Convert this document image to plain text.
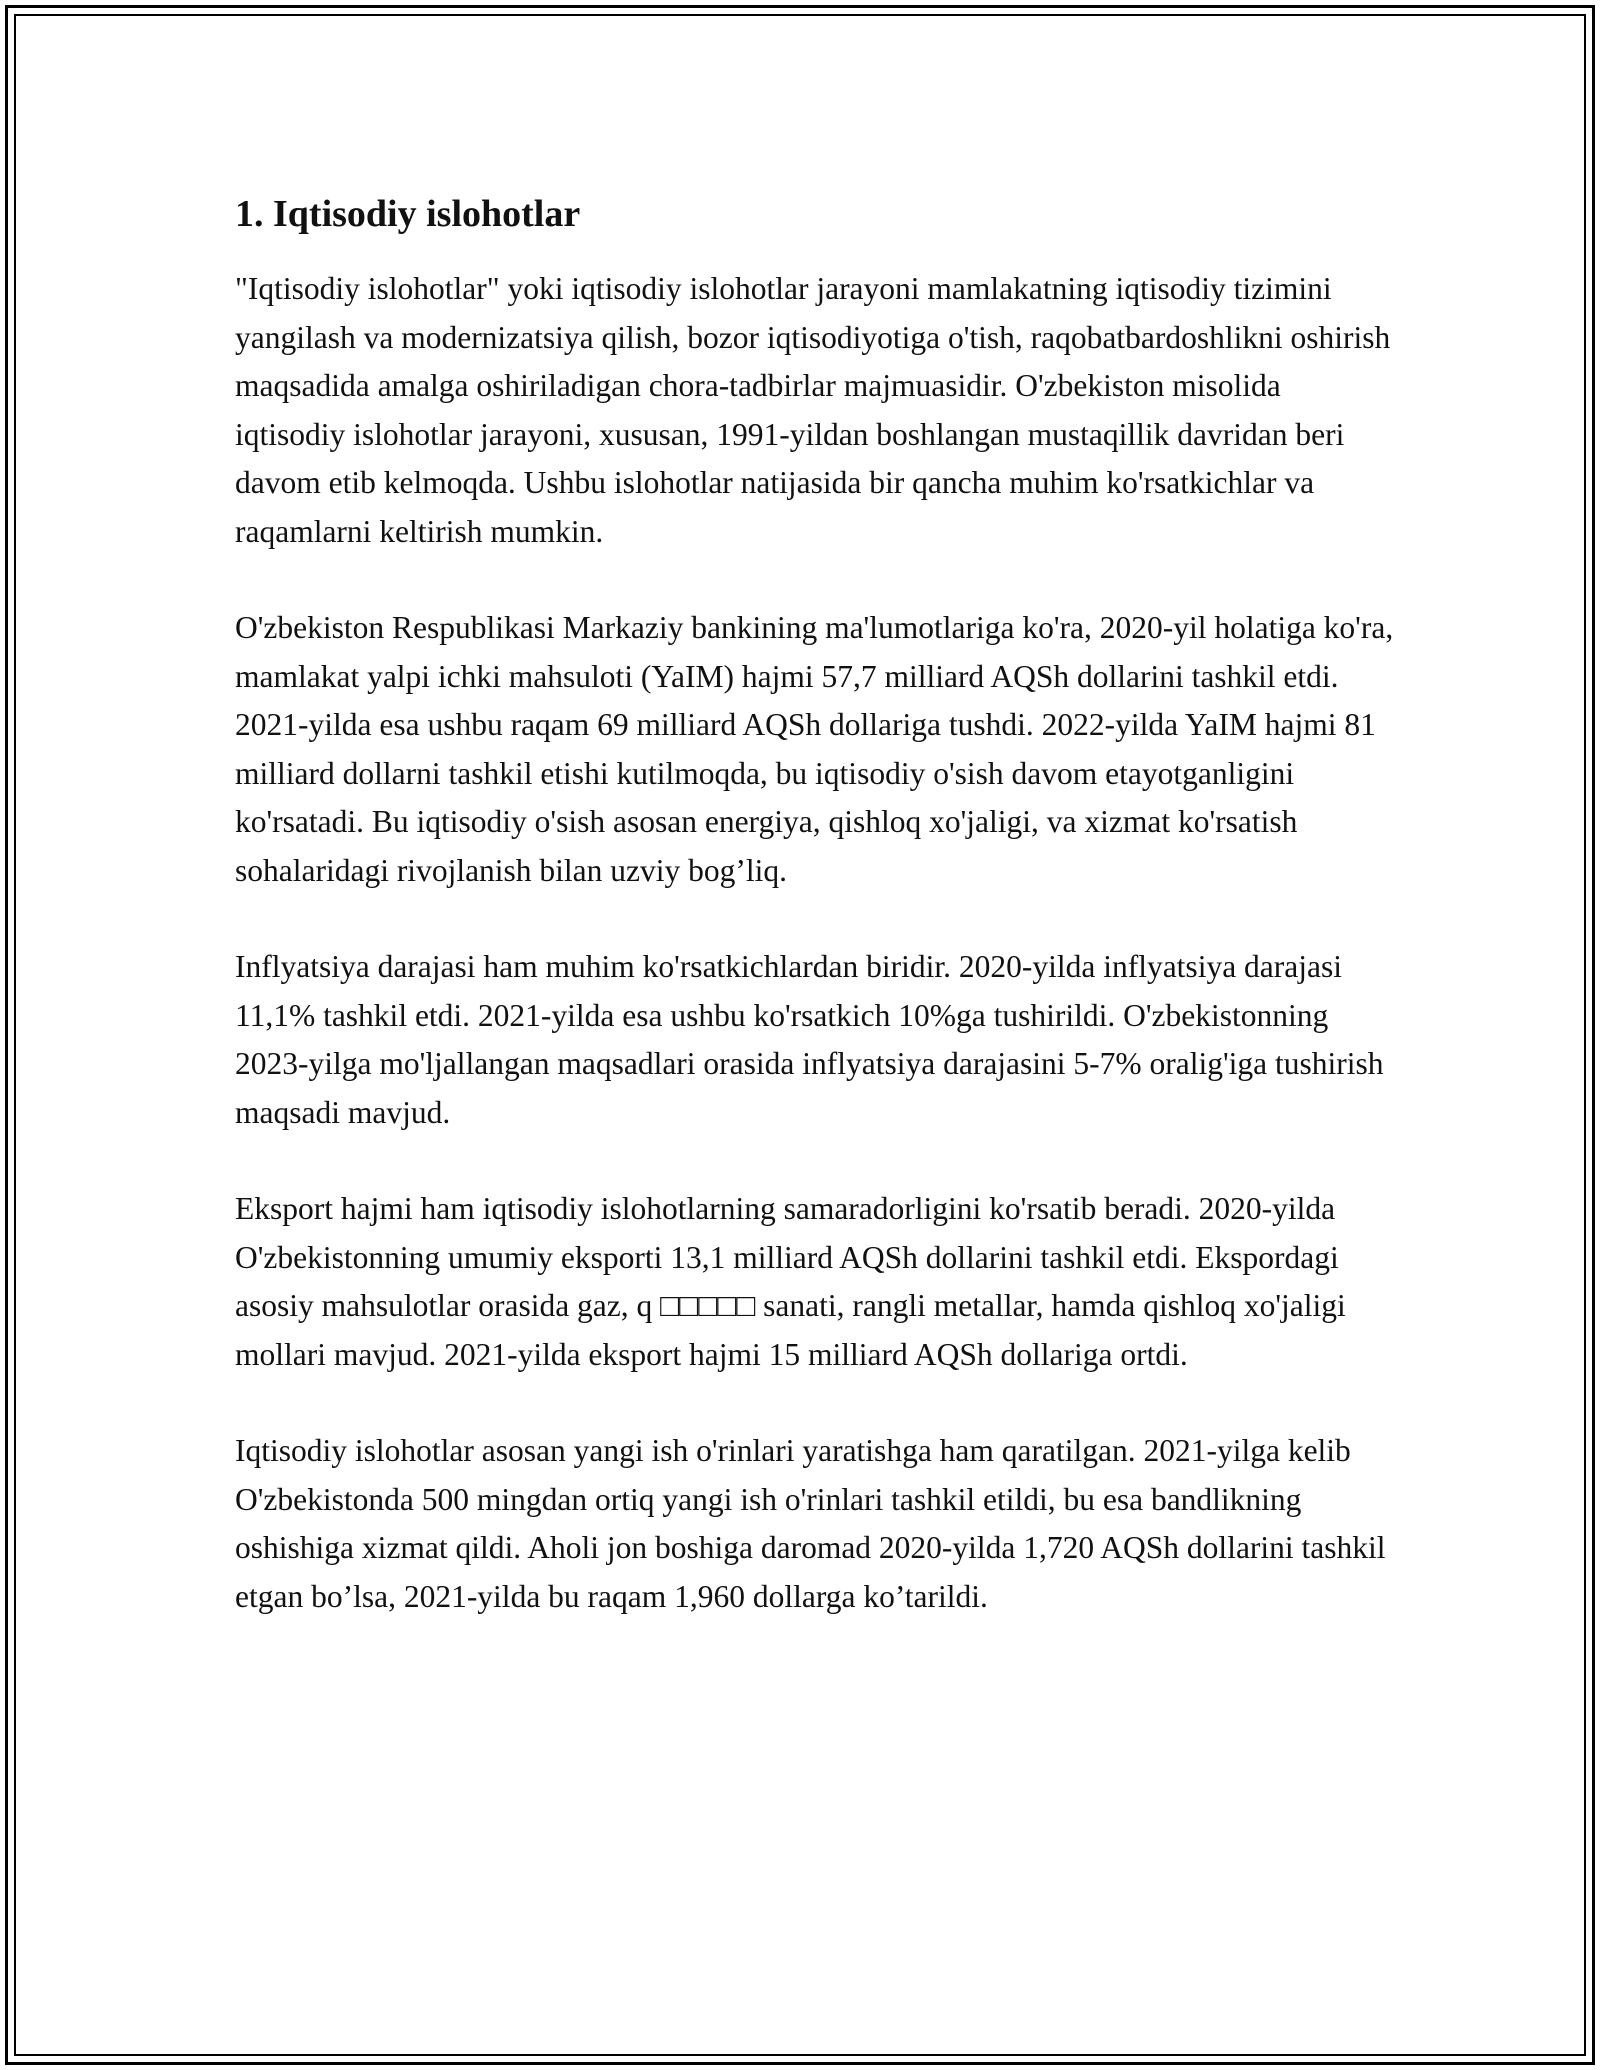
1. Iqtisodiy islohotlar

"Iqtisodiy islohotlar" yoki iqtisodiy islohotlar jarayoni mamlakatning iqtisodiy tizimini yangilash va modernizatsiya qilish, bozor iqtisodiyotiga o'tish, raqobatbardoshlikni oshirish maqsadida amalga oshiriladigan chora-tadbirlar majmuasidir. O'zbekiston misolida iqtisodiy islohotlar jarayoni, xususan, 1991-yildan boshlangan mustaqillik davridan beri davom etib kelmoqda. Ushbu islohotlar natijasida bir qancha muhim ko'rsatkichlar va raqamlarni keltirish mumkin.

O'zbekiston Respublikasi Markaziy bankining ma'lumotlariga ko'ra, 2020-yil holatiga ko'ra, mamlakat yalpi ichki mahsuloti (YaIM) hajmi 57,7 milliard AQSh dollarini tashkil etdi. 2021-yilda esa ushbu raqam 69 milliard AQSh dollariga tushdi. 2022-yilda YaIM hajmi 81 milliard dollarni tashkil etishi kutilmoqda, bu iqtisodiy o'sish davom etayotganligini ko'rsatadi. Bu iqtisodiy o'sish asosan energiya, qishloq xo'jaligi, va xizmat ko'rsatish sohalaridagi rivojlanish bilan uzviy bog’liq.

Inflyatsiya darajasi ham muhim ko'rsatkichlardan biridir. 2020-yilda inflyatsiya darajasi 11,1% tashkil etdi. 2021-yilda esa ushbu ko'rsatkich 10%ga tushirildi. O'zbekistonning 2023-yilga mo'ljallangan maqsadlari orasida inflyatsiya darajasini 5-7% oralig'iga tushirish maqsadi mavjud.

Eksport hajmi ham iqtisodiy islohotlarning samaradorligini ko'rsatib beradi. 2020-yilda O'zbekistonning umumiy eksporti 13,1 milliard AQSh dollarini tashkil etdi. Ekspordagi asosiy mahsulotlar orasida gaz, q □□□□□ sanati, rangli metallar, hamda qishloq xo'jaligi mollari mavjud. 2021-yilda eksport hajmi 15 milliard AQSh dollariga ortdi.

Iqtisodiy islohotlar asosan yangi ish o'rinlari yaratishga ham qaratilgan. 2021-yilga kelib O'zbekistonda 500 mingdan ortiq yangi ish o'rinlari tashkil etildi, bu esa bandlikning oshishiga xizmat qildi. Aholi jon boshiga daromad 2020-yilda 1,720 AQSh dollarini tashkil etgan bo’lsa, 2021-yilda bu raqam 1,960 dollarga ko’tarildi.
